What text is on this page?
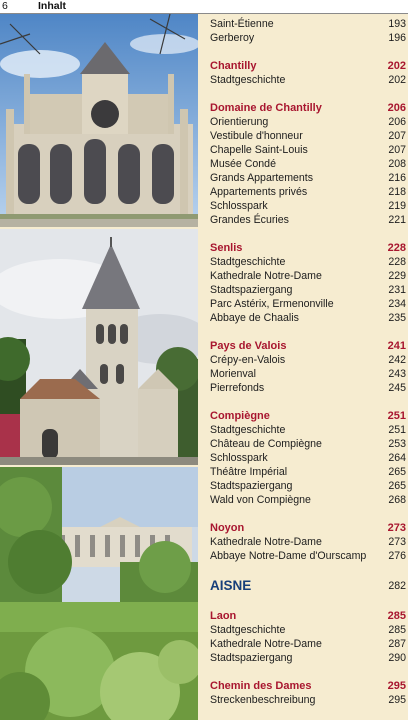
6	Inhalt
Saint-Étienne	193
Gerberoy	196
Chantilly	202
Stadtgeschichte	202
Domaine de Chantilly	206
Orientierung	206
Vestibule d'honneur	207
Chapelle Saint-Louis	207
Musée Condé	208
Grands Appartements	216
Appartements privés	218
Schlosspark	219
Grandes Écuries	221
Senlis	228
Stadtgeschichte	228
Kathedrale Notre-Dame	229
Stadtspaziergang	231
Parc Astérix, Ermenonville	234
Abbaye de Chaalis	235
Pays de Valois	241
Crépy-en-Valois	242
Morienval	243
Pierrefonds	245
Compiègne	251
Stadtgeschichte	251
Château de Compiègne	253
Schlosspark	264
Théâtre Impérial	265
Stadtspaziergang	265
Wald von Compiègne	268
Noyon	273
Kathedrale Notre-Dame	273
Abbaye Notre-Dame d'Ourscamp 276
AISNE	282
Laon	285
Stadtgeschichte	285
Kathedrale Notre-Dame	287
Stadtspaziergang	290
Chemin des Dames	295
Streckenbeschreibung	295
